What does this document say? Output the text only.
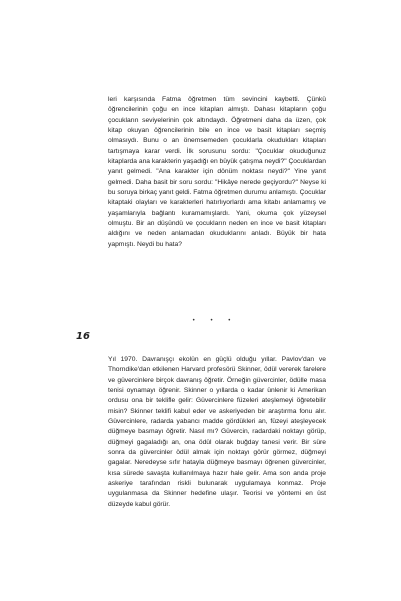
leri karşısında Fatma öğretmen tüm sevincini kaybetti. Çünkü öğrencilerinin çoğu en ince kitapları almıştı. Dahası kitapların çoğu çocukların seviyelerinin çok altındaydı. Öğretmeni daha da üzen, çok kitap okuyan öğrencilerinin bile en ince ve basit kitapları seçmiş olmasıydı. Bunu o an önemsemeden çocuklarla okudukları kitapları tartışmaya karar verdi. İlk sorusunu sordu: "Çocuklar okuduğunuz kitaplarda ana karakterin yaşadığı en büyük çatışma neydi?" Çocuklardan yanıt gelmedi. "Ana karakter için dönüm noktası neydi?" Yine yanıt gelmedi. Daha basit bir soru sordu: "Hikâye nerede geçiyordu?" Neyse ki bu soruya birkaç yanıt geldi. Fatma öğretmen durumu anlamıştı. Çocuklar kitaptaki olayları ve karakterleri hatırlıyorlardı ama kitabı anlamamış ve yaşamlarıyla bağlantı kuramamışlardı. Yani, okuma çok yüzeysel olmuştu. Bir an düşündü ve çocukların neden en ince ve basit kitapları aldığını ve neden anlamadan okuduklarını anladı. Büyük bir hata yapmıştı. Neydi bu hata?

• • •
16

Yıl 1970. Davranışçı ekolün en güçlü olduğu yıllar. Pavlov'dan ve Thorndike'dan etkilenen Harvard profesörü Skinner, ödül vererek farelere ve güvercinlere birçok davranış öğretir. Örneğin güvercinler, ödülle masa tenisi oynamayı öğrenir. Skinner o yıllarda o kadar ünlenir ki Amerikan ordusu ona bir teklifle gelir: Güvercinlere füzeleri ateşlemeyi öğretebilir misin? Skinner teklifi kabul eder ve askeriyeden bir araştırma fonu alır. Güvercinlere, radarda yabancı madde gördükleri an, füzeyi ateşleyecek düğmeye basmayı öğretir. Nasıl mı? Güvercin, radardaki noktayı görüp, düğmeyi gagaladığı an, ona ödül olarak buğday tanesi verir. Bir süre sonra da güvercinler ödül almak için noktayı görür görmez, düğmeyi gagalar. Neredeyse sıfır hatayla düğmeye basmayı öğrenen güvercinler, kısa sürede savaşta kullanılmaya hazır hale gelir. Ama son anda proje askeriye tarafından riskli bulunarak uygulamaya konmaz. Proje uygulanmasa da Skinner hedefine ulaşır. Teorisi ve yöntemi en üst düzeyde kabul görür.
